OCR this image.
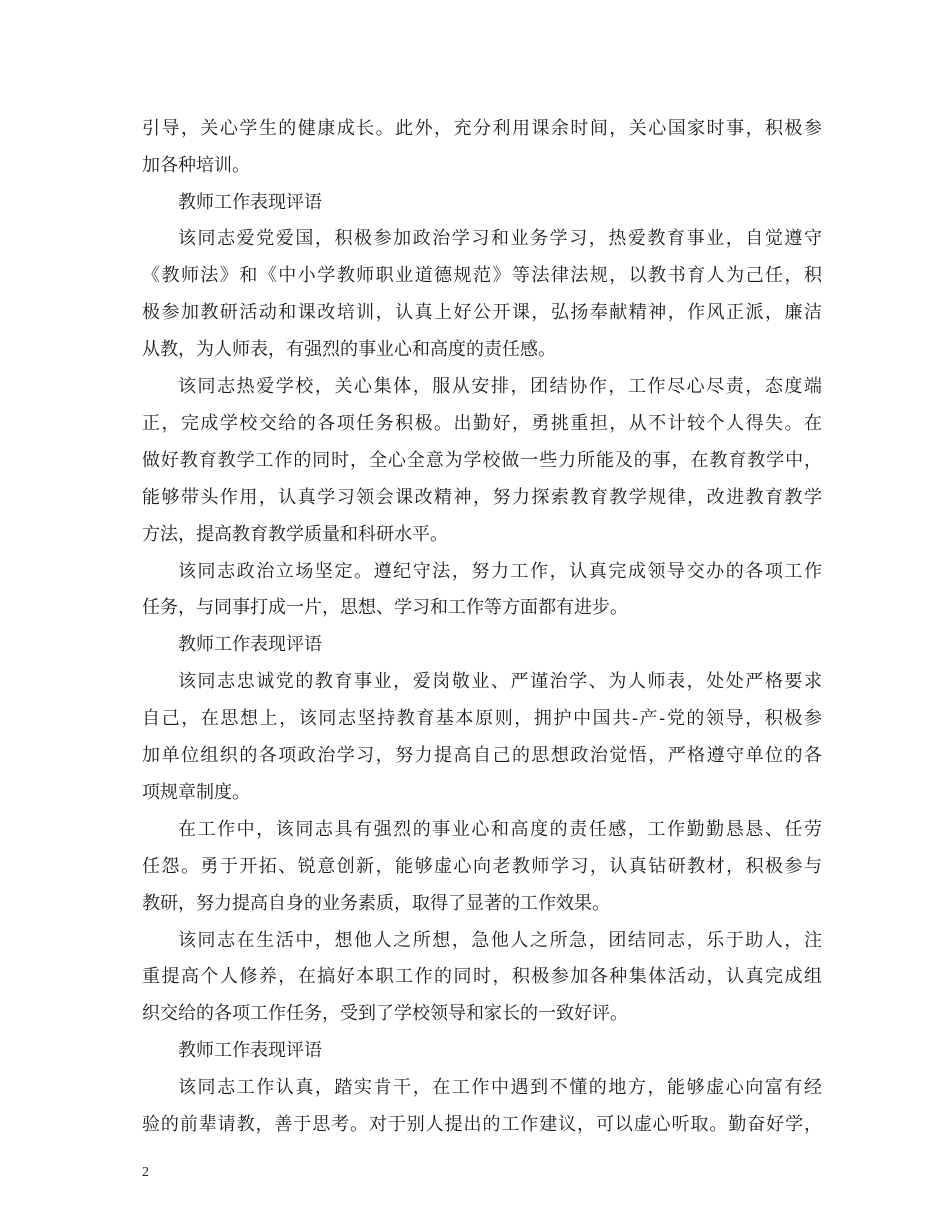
引导，关心学生的健康成长。此外，充分利用课余时间，关心国家时事，积极参
加各种培训。
教师工作表现评语
该同志爱党爱国，积极参加政治学习和业务学习，热爱教育事业，自觉遵守
《教师法》和《中小学教师职业道德规范》等法律法规，以教书育人为己任，积
极参加教研活动和课改培训，认真上好公开课，弘扬奉献精神，作风正派，廉洁
从教，为人师表，有强烈的事业心和高度的责任感。
该同志热爱学校，关心集体，服从安排，团结协作，工作尽心尽责，态度端
正，完成学校交给的各项任务积极。出勤好，勇挑重担，从不计较个人得失。在
做好教育教学工作的同时，全心全意为学校做一些力所能及的事，在教育教学中，
能够带头作用，认真学习领会课改精神，努力探索教育教学规律，改进教育教学
方法，提高教育教学质量和科研水平。
该同志政治立场坚定。遵纪守法，努力工作，认真完成领导交办的各项工作
任务，与同事打成一片，思想、学习和工作等方面都有进步。
教师工作表现评语
该同志忠诚党的教育事业，爱岗敬业、严谨治学、为人师表，处处严格要求
自己，在思想上，该同志坚持教育基本原则，拥护中国共-产-党的领导，积极参
加单位组织的各项政治学习，努力提高自己的思想政治觉悟，严格遵守单位的各
项规章制度。
在工作中，该同志具有强烈的事业心和高度的责任感，工作勤勤恳恳、任劳
任怨。勇于开拓、锐意创新，能够虚心向老教师学习，认真钻研教材，积极参与
教研，努力提高自身的业务素质，取得了显著的工作效果。
该同志在生活中，想他人之所想，急他人之所急，团结同志，乐于助人，注
重提高个人修养，在搞好本职工作的同时，积极参加各种集体活动，认真完成组
织交给的各项工作任务，受到了学校领导和家长的一致好评。
教师工作表现评语
该同志工作认真，踏实肯干，在工作中遇到不懂的地方，能够虚心向富有经
验的前辈请教，善于思考。对于别人提出的工作建议，可以虚心听取。勤奋好学，
2
